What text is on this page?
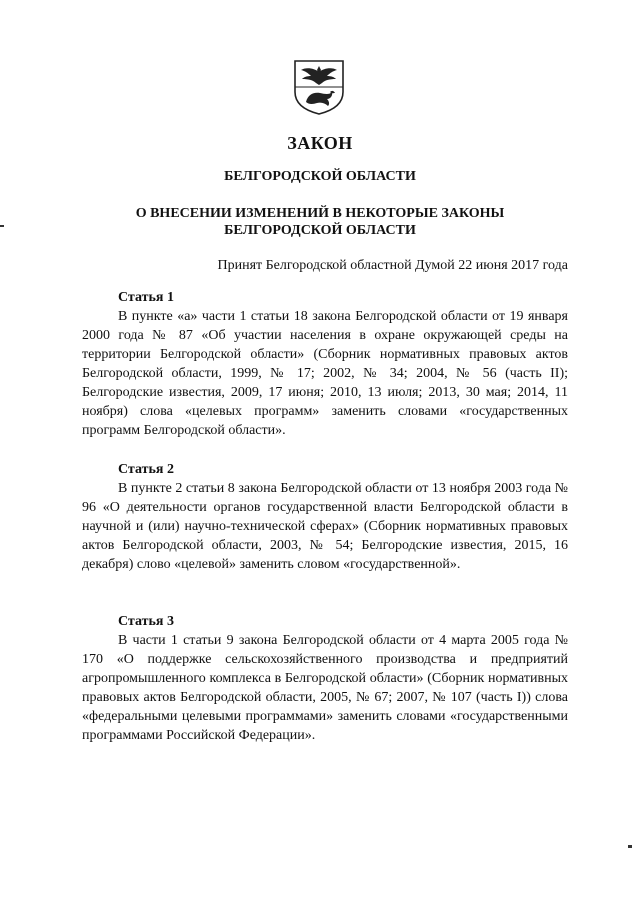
ЗАКОН
БЕЛГОРОДСКОЙ ОБЛАСТИ
О ВНЕСЕНИИ ИЗМЕНЕНИЙ В НЕКОТОРЫЕ ЗАКОНЫ
БЕЛГОРОДСКОЙ ОБЛАСТИ
Принят Белгородской областной Думой 22 июня 2017 года
Статья 1

В пункте «а» части 1 статьи 18 закона Белгородской области от 19 января 2000 года № 87 «Об участии населения в охране окружающей среды на территории Белгородской области» (Сборник нормативных правовых актов Белгородской области, 1999, № 17; 2002, № 34; 2004, № 56 (часть II); Белгородские известия, 2009, 17 июня; 2010, 13 июля; 2013, 30 мая; 2014, 11 ноября) слова «целевых программ» заменить словами «государственных программ Белгородской области».

Статья 2

В пункте 2 статьи 8 закона Белгородской области от 13 ноября 2003 года № 96 «О деятельности органов государственной власти Белгородской области в научной и (или) научно-технической сферах» (Сборник нормативных правовых актов Белгородской области, 2003, № 54; Белгородские известия, 2015, 16 декабря) слово «целевой» заменить словом «государственной».

Статья 3

В части 1 статьи 9 закона Белгородской области от 4 марта 2005 года № 170 «О поддержке сельскохозяйственного производства и предприятий агропромышленного комплекса в Белгородской области» (Сборник нормативных правовых актов Белгородской области, 2005, № 67; 2007, № 107 (часть I)) слова «федеральными целевыми программами» заменить словами «государственными программами Российской Федерации».
